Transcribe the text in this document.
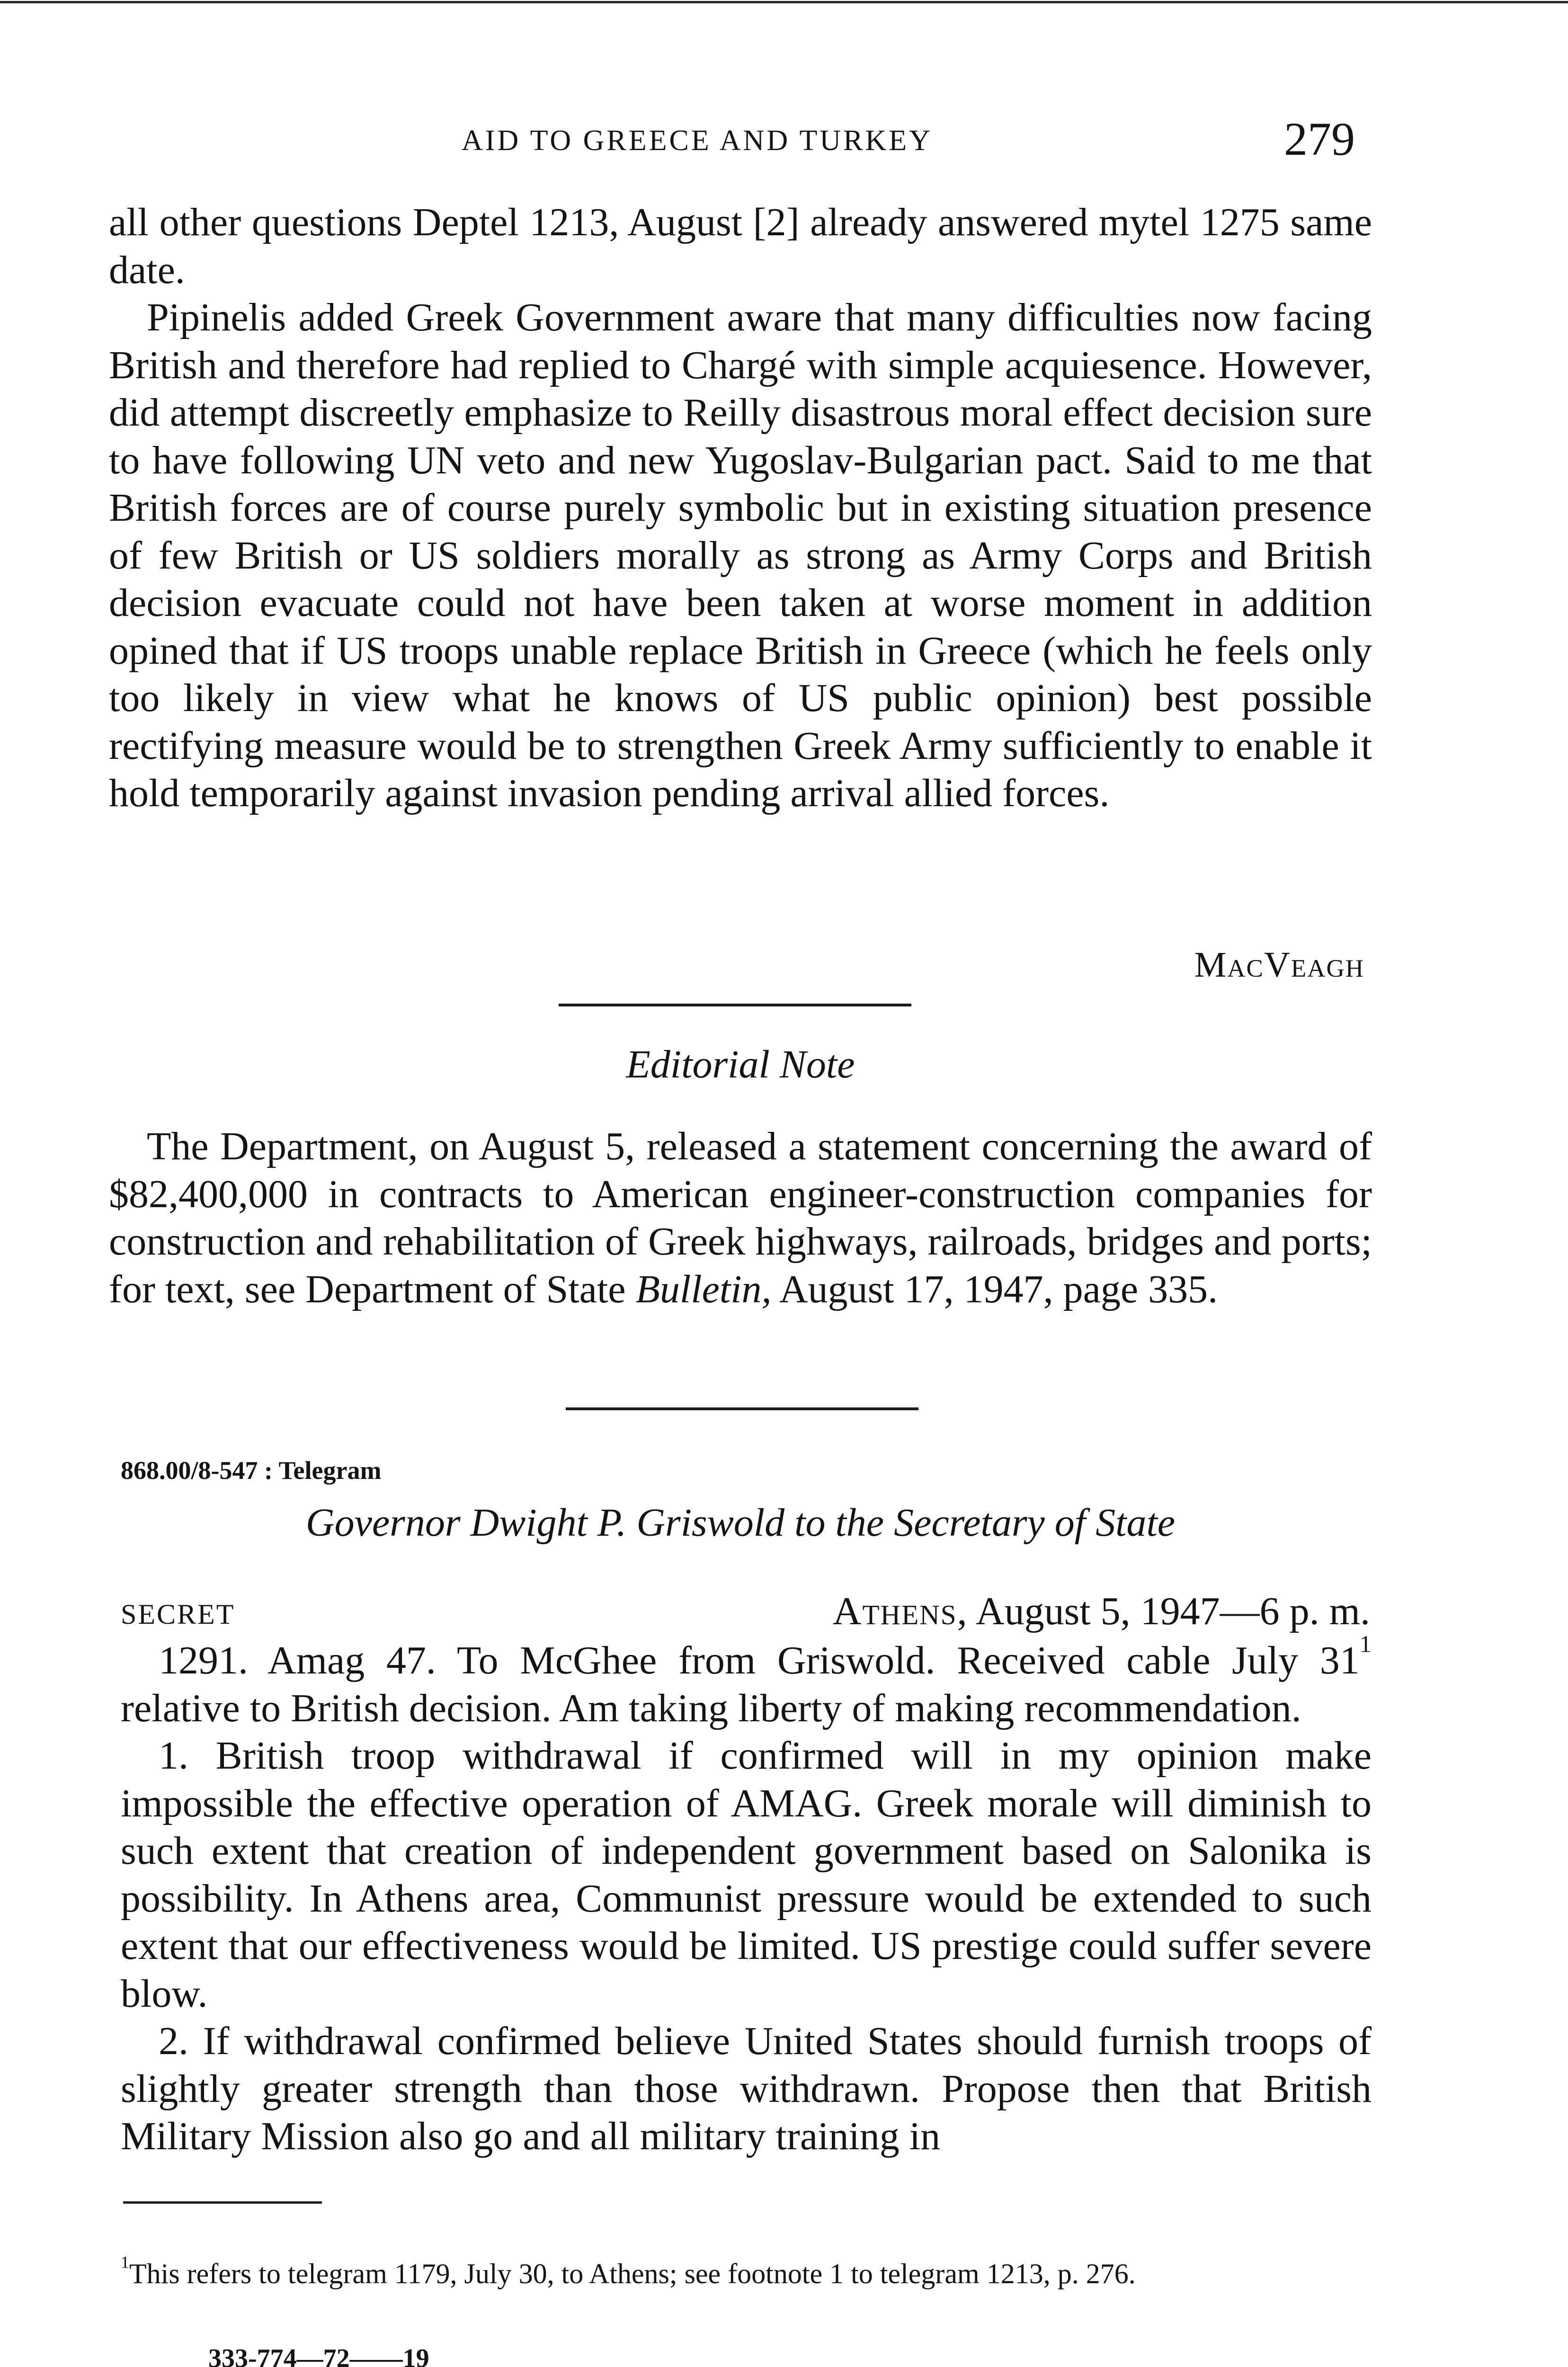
AID TO GREECE AND TURKEY	279

all other questions Deptel 1213, August [2] already answered mytel 1275 same date.

Pipinelis added Greek Government aware that many difficulties now facing British and therefore had replied to Chargé with simple acquiesence. However, did attempt discreetly emphasize to Reilly disastrous moral effect decision sure to have following UN veto and new Yugoslav-Bulgarian pact. Said to me that British forces are of course purely symbolic but in existing situation presence of few British or US soldiers morally as strong as Army Corps and British decision evacuate could not have been taken at worse moment in addition opined that if US troops unable replace British in Greece (which he feels only too likely in view what he knows of US public opinion) best possible rectifying measure would be to strengthen Greek Army sufficiently to enable it hold temporarily against invasion pending arrival allied forces.

MacVeagh
Editorial Note

The Department, on August 5, released a statement concerning the award of $82,400,000 in contracts to American engineer-construction companies for construction and rehabilitation of Greek highways, railroads, bridges and ports; for text, see Department of State Bulletin, August 17, 1947, page 335.

868.00/8-547 : Telegram
Governor Dwight P. Griswold to the Secretary of State
SECRET	Athens, August 5, 1947—6 p. m.

1291. Amag 47. To McGhee from Griswold. Received cable July $31^1$ relative to British decision. Am taking liberty of making recommendation.

1. British troop withdrawal if confirmed will in my opinion make impossible the effective operation of AMAG. Greek morale will diminish to such extent that creation of independent government based on Salonika is possibility. In Athens area, Communist pressure would be extended to such extent that our effectiveness would be limited. US prestige could suffer severe blow.

2. If withdrawal confirmed believe United States should furnish troops of slightly greater strength than those withdrawn. Propose then that British Military Mission also go and all military training in

$^1$This refers to telegram 1179, July 30, to Athens; see footnote 1 to telegram 1213, p. 276.
333-774—72——19
